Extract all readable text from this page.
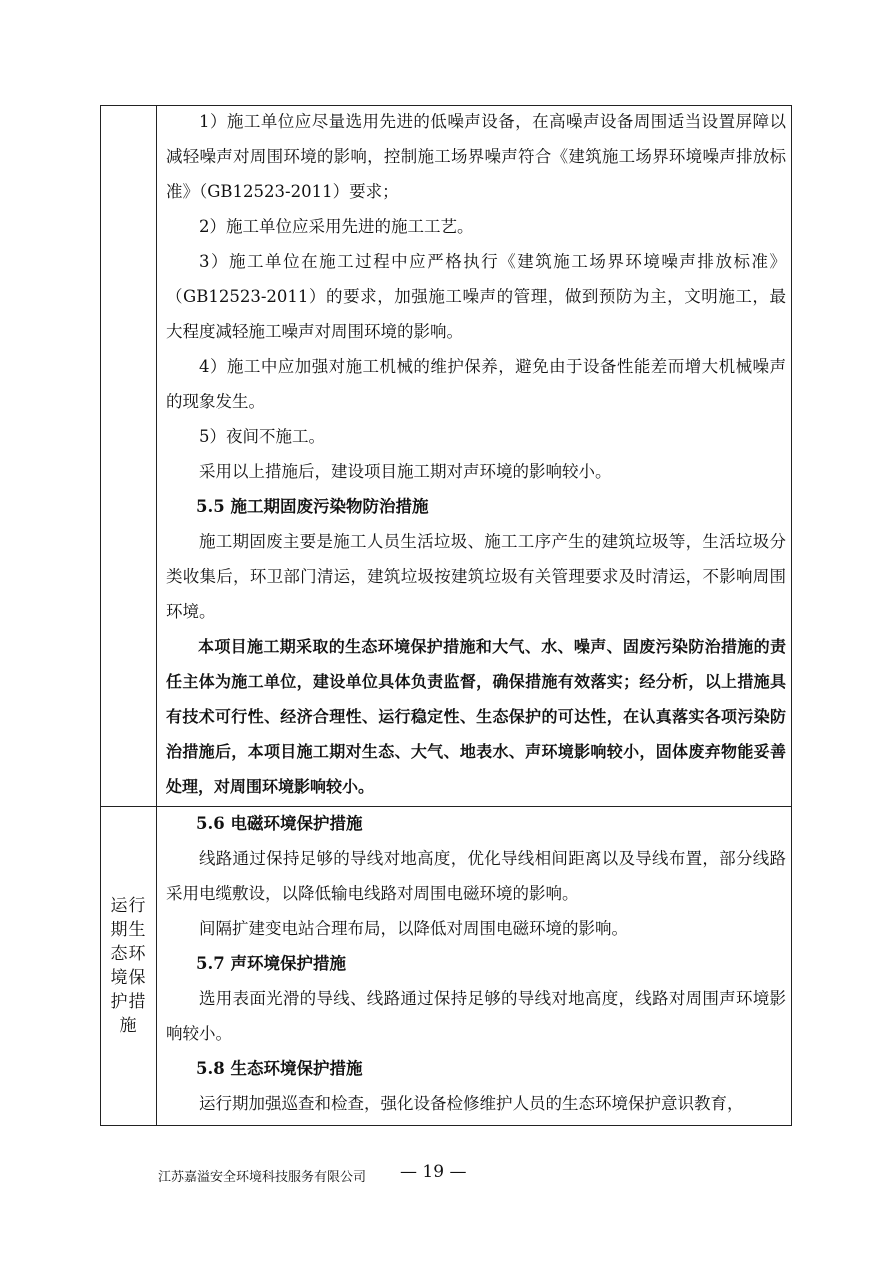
运行期生态环境保护措施

1）施工单位应尽量选用先进的低噪声设备，在高噪声设备周围适当设置屏障以减轻噪声对周围环境的影响，控制施工场界噪声符合《建筑施工场界环境噪声排放标准》（GB12523-2011）要求；

2）施工单位应采用先进的施工工艺。

3）施工单位在施工过程中应严格执行《建筑施工场界环境噪声排放标准》（GB12523-2011）的要求，加强施工噪声的管理，做到预防为主，文明施工，最大程度减轻施工噪声对周围环境的影响。

4）施工中应加强对施工机械的维护保养，避免由于设备性能差而增大机械噪声的现象发生。

5）夜间不施工。

采用以上措施后，建设项目施工期对声环境的影响较小。

5.5 施工期固废污染物防治措施

施工期固废主要是施工人员生活垃圾、施工工序产生的建筑垃圾等，生活垃圾分类收集后，环卫部门清运，建筑垃圾按建筑垃圾有关管理要求及时清运，不影响周围环境。

本项目施工期采取的生态环境保护措施和大气、水、噪声、固废污染防治措施的责任主体为施工单位，建设单位具体负责监督，确保措施有效落实；经分析，以上措施具有技术可行性、经济合理性、运行稳定性、生态保护的可达性，在认真落实各项污染防治措施后，本项目施工期对生态、大气、地表水、声环境影响较小，固体废弃物能妥善处理，对周围环境影响较小。

5.6 电磁环境保护措施

线路通过保持足够的导线对地高度，优化导线相间距离以及导线布置，部分线路采用电缆敷设，以降低输电线路对周围电磁环境的影响。

间隔扩建变电站合理布局，以降低对周围电磁环境的影响。

5.7 声环境保护措施

选用表面光滑的导线、线路通过保持足够的导线对地高度，线路对周围声环境影响较小。

5.8 生态环境保护措施

运行期加强巡查和检查，强化设备检修维护人员的生态环境保护意识教育，

江苏嘉溢安全环境科技服务有限公司 — 19 —
